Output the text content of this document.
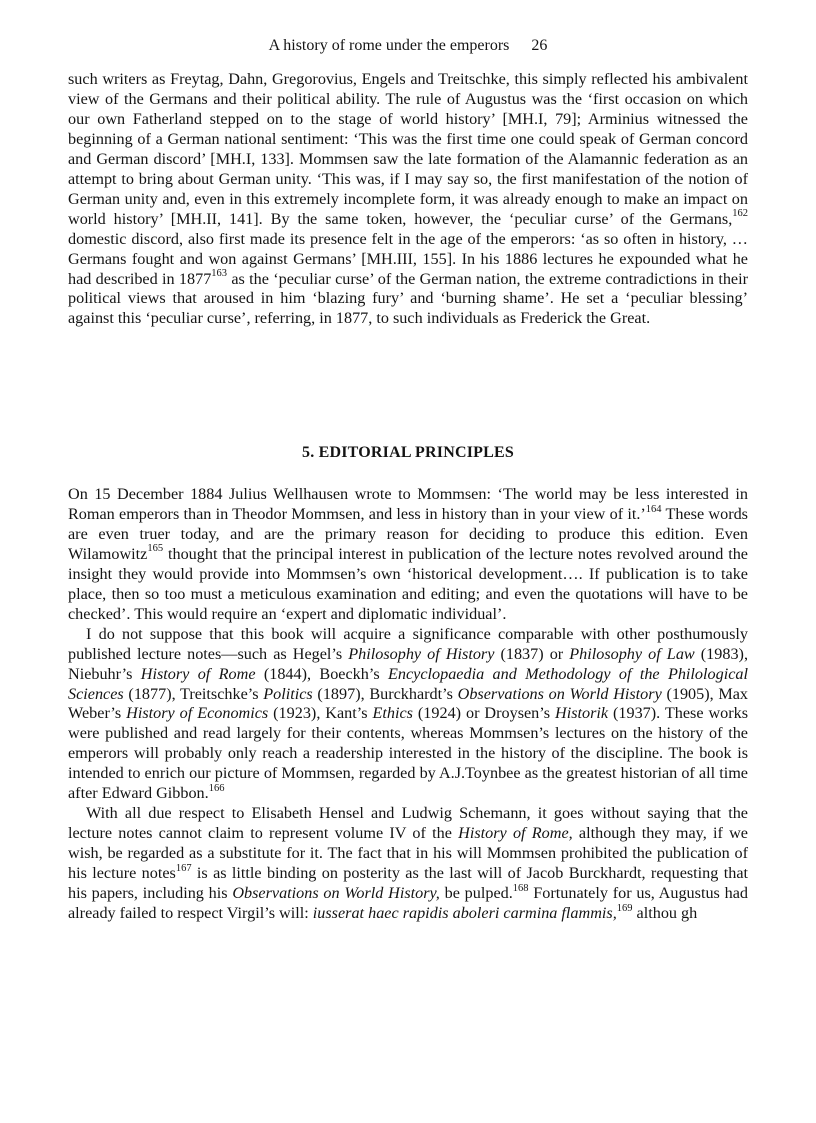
A history of rome under the emperors 26

such writers as Freytag, Dahn, Gregorovius, Engels and Treitschke, this simply reflected his ambivalent view of the Germans and their political ability. The rule of Augustus was the ‘first occasion on which our own Fatherland stepped on to the stage of world history’ [MH.I, 79]; Arminius witnessed the beginning of a German national sentiment: ‘This was the first time one could speak of German concord and German discord’ [MH.I, 133]. Mommsen saw the late formation of the Alamannic federation as an attempt to bring about German unity. ‘This was, if I may say so, the first manifestation of the notion of German unity and, even in this extremely incomplete form, it was already enough to make an impact on world history’ [MH.II, 141]. By the same token, however, the ‘peculiar curse’ of the Germans,$^{162}$ domestic discord, also first made its presence felt in the age of the emperors: ‘as so often in history, …Germans fought and won against Germans’ [MH.III, 155]. In his 1886 lectures he expounded what he had described in 1877$^{163}$ as the ‘peculiar curse’ of the German nation, the extreme contradictions in their political views that aroused in him ‘blazing fury’ and ‘burning shame’. He set a ‘peculiar blessing’ against this ‘peculiar curse’, referring, in 1877, to such individuals as Frederick the Great.

5. EDITORIAL PRINCIPLES

On 15 December 1884 Julius Wellhausen wrote to Mommsen: ‘The world may be less interested in Roman emperors than in Theodor Mommsen, and less in history than in your view of it.’$^{164}$ These words are even truer today, and are the primary reason for deciding to produce this edition. Even Wilamowitz$^{165}$ thought that the principal interest in publication of the lecture notes revolved around the insight they would provide into Mommsen’s own ‘historical development…. If publication is to take place, then so too must a meticulous examination and editing; and even the quotations will have to be checked’. This would require an ‘expert and diplomatic individual’.

I do not suppose that this book will acquire a significance comparable with other posthumously published lecture notes—such as Hegel’s Philosophy of History (1837) or Philosophy of Law (1983), Niebuhr’s History of Rome (1844), Boeckh’s Encyclopaedia and Methodology of the Philological Sciences (1877), Treitschke’s Politics (1897), Burckhardt’s Observations on World History (1905), Max Weber’s History of Economics (1923), Kant’s Ethics (1924) or Droysen’s Historik (1937). These works were published and read largely for their contents, whereas Mommsen’s lectures on the history of the emperors will probably only reach a readership interested in the history of the discipline. The book is intended to enrich our picture of Mommsen, regarded by A.J.Toynbee as the greatest historian of all time after Edward Gibbon.$^{166}$

With all due respect to Elisabeth Hensel and Ludwig Schemann, it goes without saying that the lecture notes cannot claim to represent volume IV of the History of Rome, although they may, if we wish, be regarded as a substitute for it. The fact that in his will Mommsen prohibited the publication of his lecture notes$^{167}$ is as little binding on posterity as the last will of Jacob Burckhardt, requesting that his papers, including his Observations on World History, be pulped.$^{168}$ Fortunately for us, Augustus had already failed to respect Virgil’s will: iusserat haec rapidis aboleri carmina flammis,$^{169}$ althou gh
